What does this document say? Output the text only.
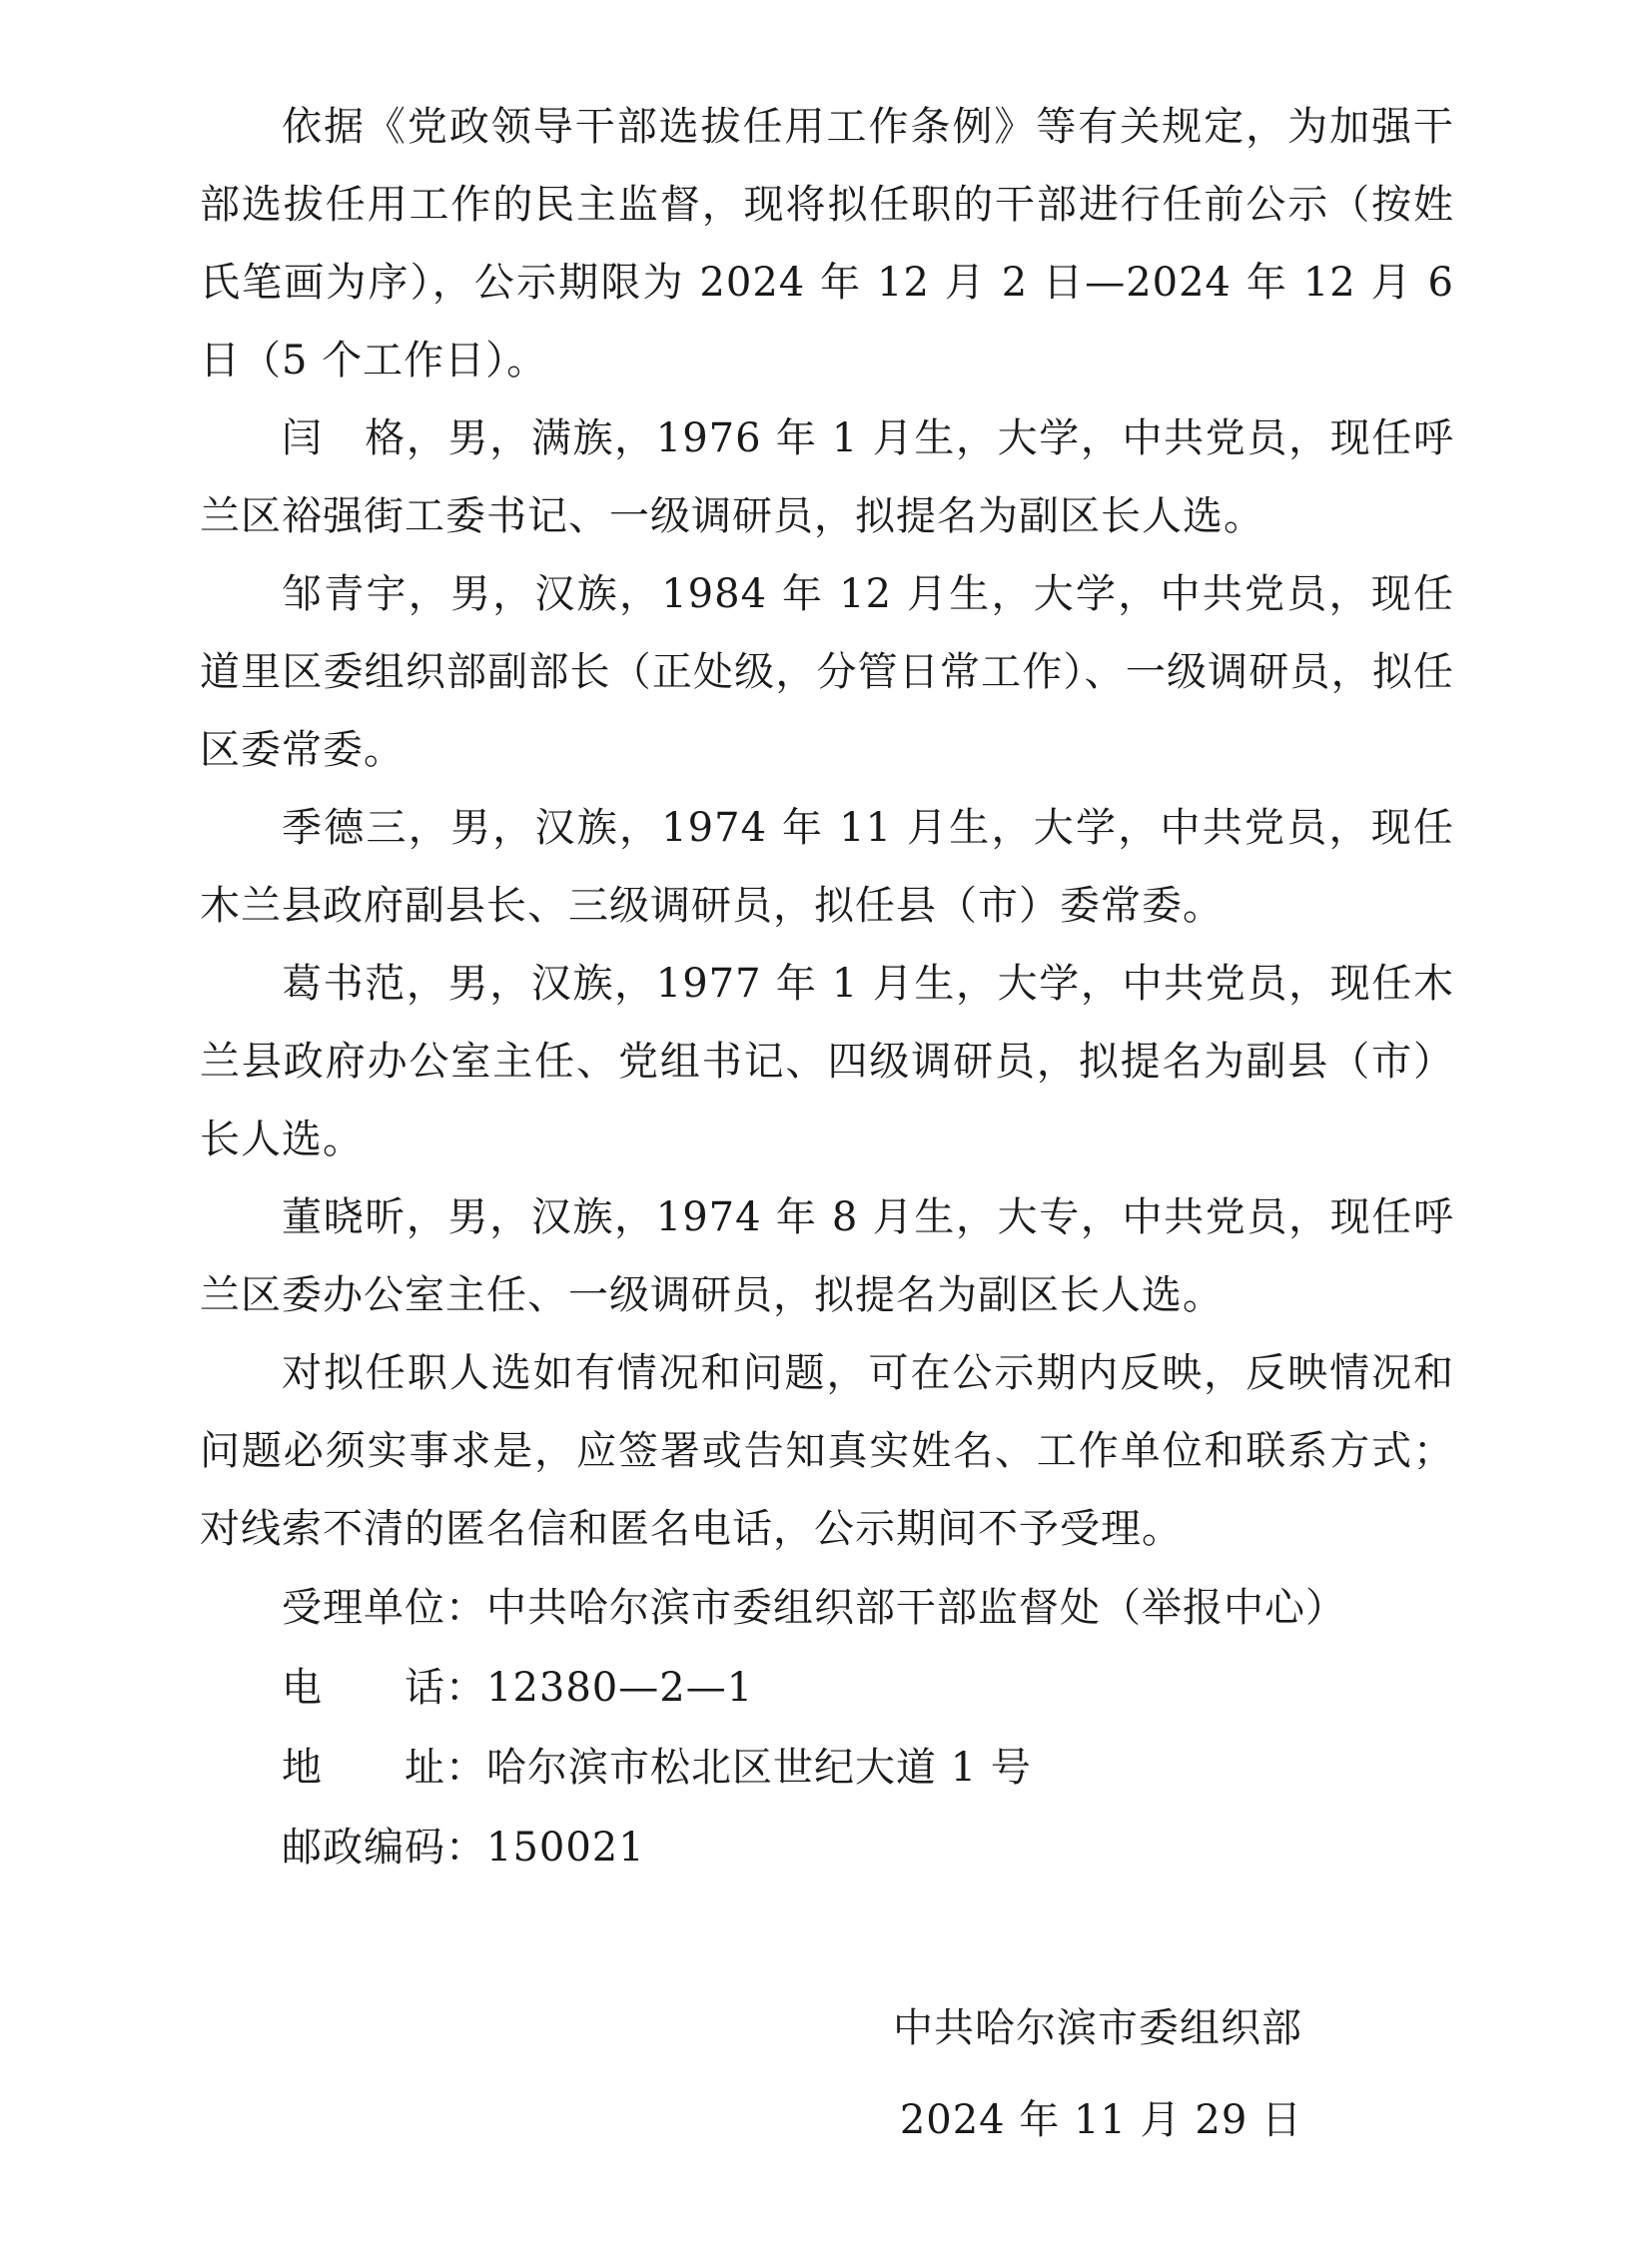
依据《党政领导干部选拔任用工作条例》等有关规定，为加强干部选拔任用工作的民主监督，现将拟任职的干部进行任前公示（按姓氏笔画为序），公示期限为 2024 年 12 月 2 日—2024 年 12 月 6 日（5 个工作日）。

闫　格，男，满族，1976 年 1 月生，大学，中共党员，现任呼兰区裕强街工委书记、一级调研员，拟提名为副区长人选。

邹青宇，男，汉族，1984 年 12 月生，大学，中共党员，现任道里区委组织部副部长（正处级，分管日常工作）、一级调研员，拟任区委常委。

季德三，男，汉族，1974 年 11 月生，大学，中共党员，现任木兰县政府副县长、三级调研员，拟任县（市）委常委。

葛书范，男，汉族，1977 年 1 月生，大学，中共党员，现任木兰县政府办公室主任、党组书记、四级调研员，拟提名为副县（市）长人选。

董晓昕，男，汉族，1974 年 8 月生，大专，中共党员，现任呼兰区委办公室主任、一级调研员，拟提名为副区长人选。

对拟任职人选如有情况和问题，可在公示期内反映，反映情况和问题必须实事求是，应签署或告知真实姓名、工作单位和联系方式；对线索不清的匿名信和匿名电话，公示期间不予受理。

受理单位：中共哈尔滨市委组织部干部监督处（举报中心）
电　　话：12380—2—1
地　　址：哈尔滨市松北区世纪大道 1 号
邮政编码：150021
中共哈尔滨市委组织部
2024 年 11 月 29 日
